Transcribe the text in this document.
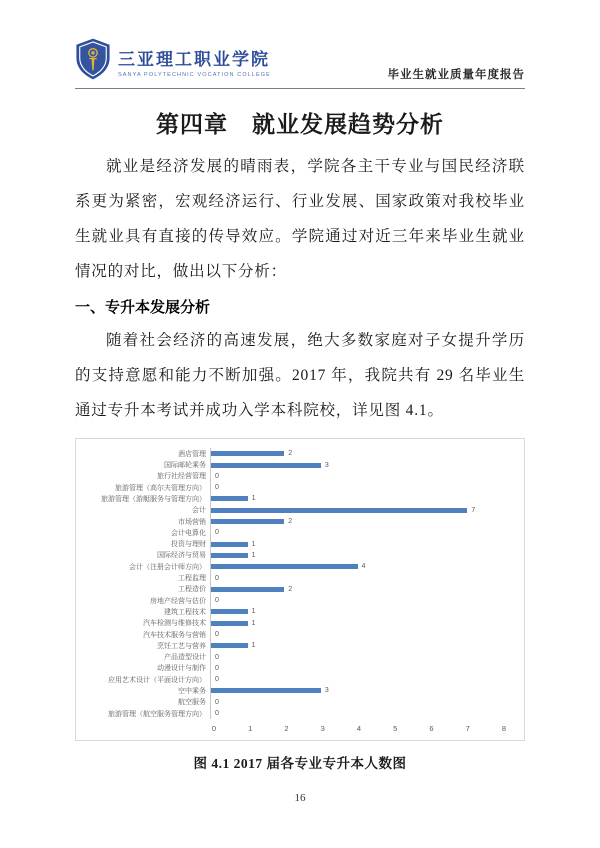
三亚理工职业学院
SANYA POLYTECHNIC VOCATION COLLEGE	毕业生就业质量年度报告
第四章　就业发展趋势分析

就业是经济发展的晴雨表，学院各主干专业与国民经济联系更为紧密，宏观经济运行、行业发展、国家政策对我校毕业生就业具有直接的传导效应。学院通过对近三年来毕业生就业情况的对比，做出以下分析：

一、专升本发展分析

随着社会经济的高速发展，绝大多数家庭对子女提升学历的支持意愿和能力不断加强。2017 年，我院共有 29 名毕业生通过专升本考试并成功入学本科院校，详见图 4.1。

酒店管理	2
国际邮轮乘务	3
旅行社经营管理	0
旅游管理（高尔夫管理方向）	0
旅游管理（游艇服务与管理方向）	1
会计	7
市场营销	2
会计电算化	0
投资与理财	1
国际经济与贸易	1
会计（注册会计师方向）	4
工程监理	0
工程造价	2
房地产经营与估价	0
建筑工程技术	1
汽车检测与维修技术	1
汽车技术服务与营销	0
烹饪工艺与营养	1
产品造型设计	0
动漫设计与制作	0
应用艺术设计（平面设计方向）	0
空中乘务	3
航空服务	0
旅游管理（航空服务管理方向）	0
0	1	2	3	4	5	6	7	8
图 4.1 2017 届各专业专升本人数图
16
